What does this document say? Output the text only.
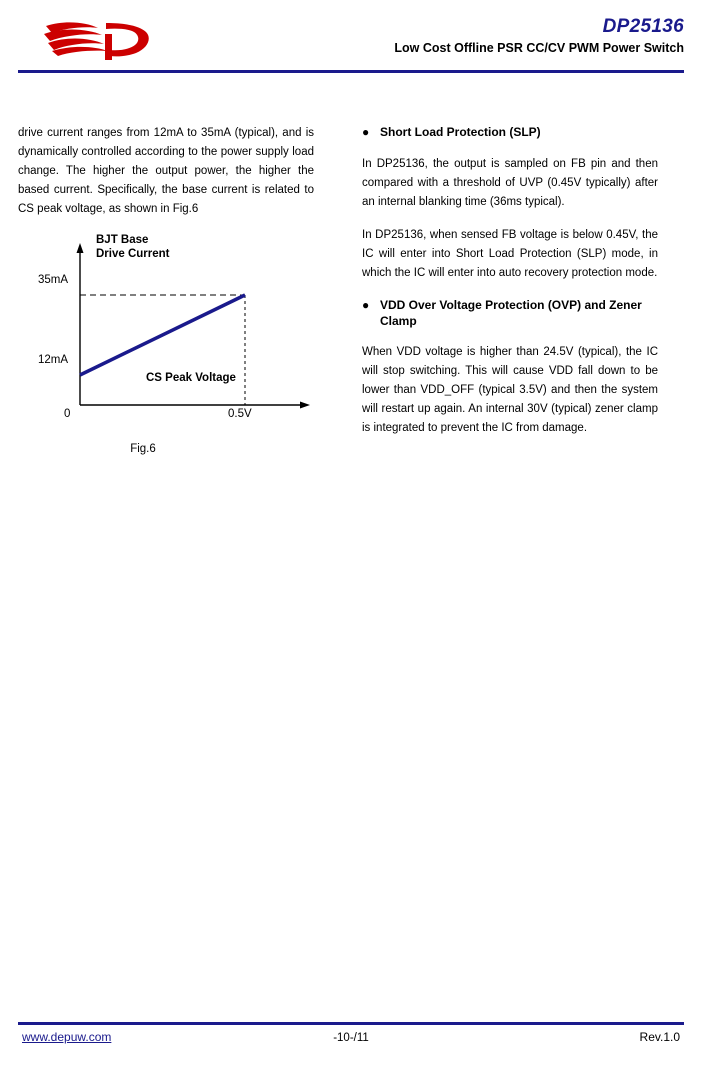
DP25136
Low Cost Offline PSR CC/CV PWM Power Switch

drive current ranges from 12mA to 35mA (typical), and is dynamically controlled according to the power supply load change. The higher the output power, the higher the based current. Specifically, the base current is related to CS peak voltage, as shown in Fig.6

BJT Base
Drive Current
35mA
12mA
0	0.5V
CS Peak Voltage
Fig.6
● Short Load Protection (SLP)

In DP25136, the output is sampled on FB pin and then compared with a threshold of UVP (0.45V typically) after an internal blanking time (36ms typical).

In DP25136, when sensed FB voltage is below 0.45V, the IC will enter into Short Load Protection (SLP) mode, in which the IC will enter into auto recovery protection mode.

● VDD Over Voltage Protection (OVP) and Zener Clamp

When VDD voltage is higher than 24.5V (typical), the IC will stop switching. This will cause VDD fall down to be lower than VDD_OFF (typical 3.5V) and then the system will restart up again. An internal 30V (typical) zener clamp is integrated to prevent the IC from damage.

www.depuw.com	-10-/11	Rev.1.0
